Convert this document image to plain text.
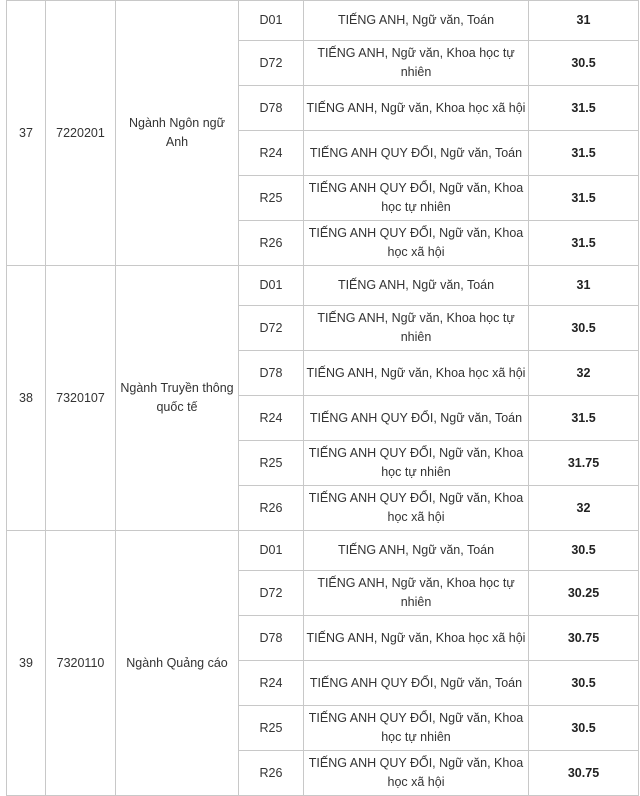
37	7220201	Ngành Ngôn ngữ Anh	D01	TIẾNG ANH, Ngữ văn, Toán	31
			D72	TIẾNG ANH, Ngữ văn, Khoa học tự nhiên	30.5
			D78	TIẾNG ANH, Ngữ văn, Khoa học xã hội	31.5
			R24	TIẾNG ANH QUY ĐỔI, Ngữ văn, Toán	31.5
			R25	TIẾNG ANH QUY ĐỔI, Ngữ văn, Khoa học tự nhiên	31.5
			R26	TIẾNG ANH QUY ĐỔI, Ngữ văn, Khoa học xã hội	31.5
38	7320107	Ngành Truyền thông quốc tế	D01	TIẾNG ANH, Ngữ văn, Toán	31
			D72	TIẾNG ANH, Ngữ văn, Khoa học tự nhiên	30.5
			D78	TIẾNG ANH, Ngữ văn, Khoa học xã hội	32
			R24	TIẾNG ANH QUY ĐỔI, Ngữ văn, Toán	31.5
			R25	TIẾNG ANH QUY ĐỔI, Ngữ văn, Khoa học tự nhiên	31.75
			R26	TIẾNG ANH QUY ĐỔI, Ngữ văn, Khoa học xã hội	32
39	7320110	Ngành Quảng cáo	D01	TIẾNG ANH, Ngữ văn, Toán	30.5
			D72	TIẾNG ANH, Ngữ văn, Khoa học tự nhiên	30.25
			D78	TIẾNG ANH, Ngữ văn, Khoa học xã hội	30.75
			R24	TIẾNG ANH QUY ĐỔI, Ngữ văn, Toán	30.5
			R25	TIẾNG ANH QUY ĐỔI, Ngữ văn, Khoa học tự nhiên	30.5
			R26	TIẾNG ANH QUY ĐỔI, Ngữ văn, Khoa học xã hội	30.75
